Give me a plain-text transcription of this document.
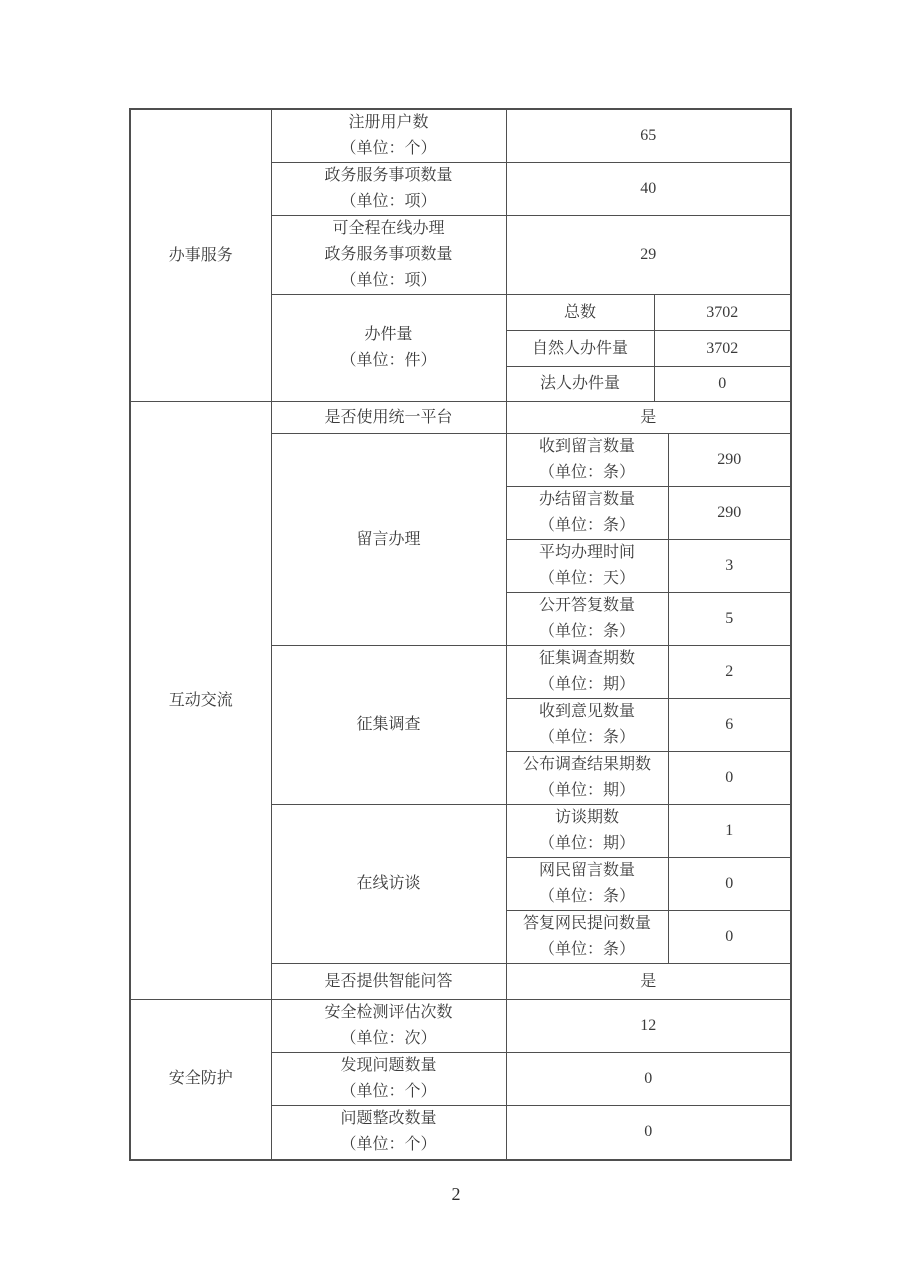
办事服务	注册用户数
（单位：个）	65		

	政务服务事项数量
（单位：项）	40		

	可全程在线办理
政务服务事项数量
（单位：项）	29		

	办件量
（单位：件）	总数	3702	
		自然人办件量	3702	
		法人办件量	0	

互动交流	是否使用统一平台	是		

	留言办理	收到留言数量
（单位：条）		290

		办结留言数量
（单位：条）		290

		平均办理时间
（单位：天）		3

		公开答复数量
（单位：条）		5

	征集调查	征集调查期数
（单位：期）		2

		收到意见数量
（单位：条）		6

		公布调查结果期数
（单位：期）		0

	在线访谈	访谈期数
（单位：期）		1

		网民留言数量
（单位：条）		0

		答复网民提问数量
（单位：条）		0
	是否提供智能问答	是		

安全防护	安全检测评估次数
（单位：次）	12		

	发现问题数量
（单位：个）	0		

	问题整改数量
（单位：个）	0		
2
